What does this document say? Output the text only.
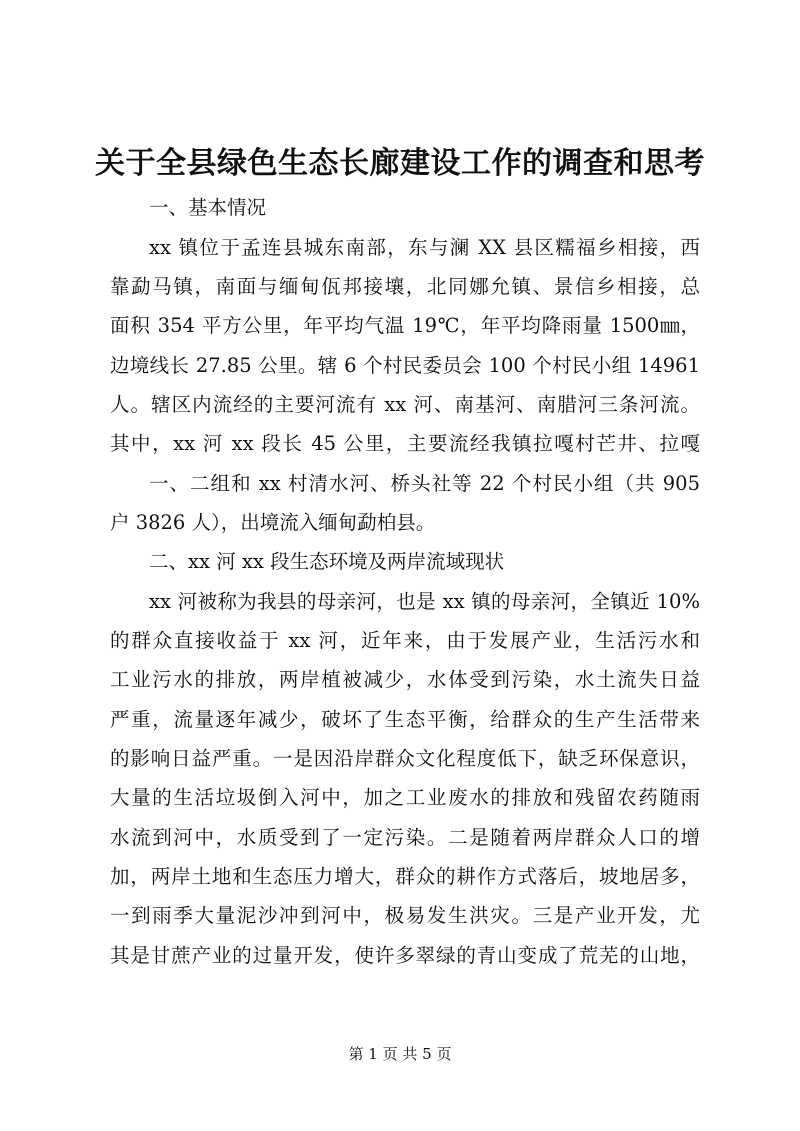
关于全县绿色生态长廊建设工作的调查和思考
一、基本情况
xx 镇位于孟连县城东南部，东与澜 XX 县区糯福乡相接，西
靠勐马镇，南面与缅甸佤邦接壤，北同娜允镇、景信乡相接，总
面积 354 平方公里，年平均气温 19℃，年平均降雨量 1500㎜，
边境线长 27.85 公里。辖 6 个村民委员会 100 个村民小组 14961
人。辖区内流经的主要河流有 xx 河、南基河、南腊河三条河流。
其中，xx 河 xx 段长 45 公里，主要流经我镇拉嘎村芒井、拉嘎
一、二组和 xx 村清水河、桥头社等 22 个村民小组（共 905
户 3826 人），出境流入缅甸勐柏县。
二、xx 河 xx 段生态环境及两岸流域现状
xx 河被称为我县的母亲河，也是 xx 镇的母亲河，全镇近 10%
的群众直接收益于 xx 河，近年来，由于发展产业，生活污水和
工业污水的排放，两岸植被减少，水体受到污染，水土流失日益
严重，流量逐年减少，破坏了生态平衡，给群众的生产生活带来
的影响日益严重。一是因沿岸群众文化程度低下，缺乏环保意识，
大量的生活垃圾倒入河中，加之工业废水的排放和残留农药随雨
水流到河中，水质受到了一定污染。二是随着两岸群众人口的增
加，两岸土地和生态压力增大，群众的耕作方式落后，坡地居多，
一到雨季大量泥沙冲到河中，极易发生洪灾。三是产业开发，尤
其是甘蔗产业的过量开发，使许多翠绿的青山变成了荒芜的山地，
第 1 页 共 5 页
